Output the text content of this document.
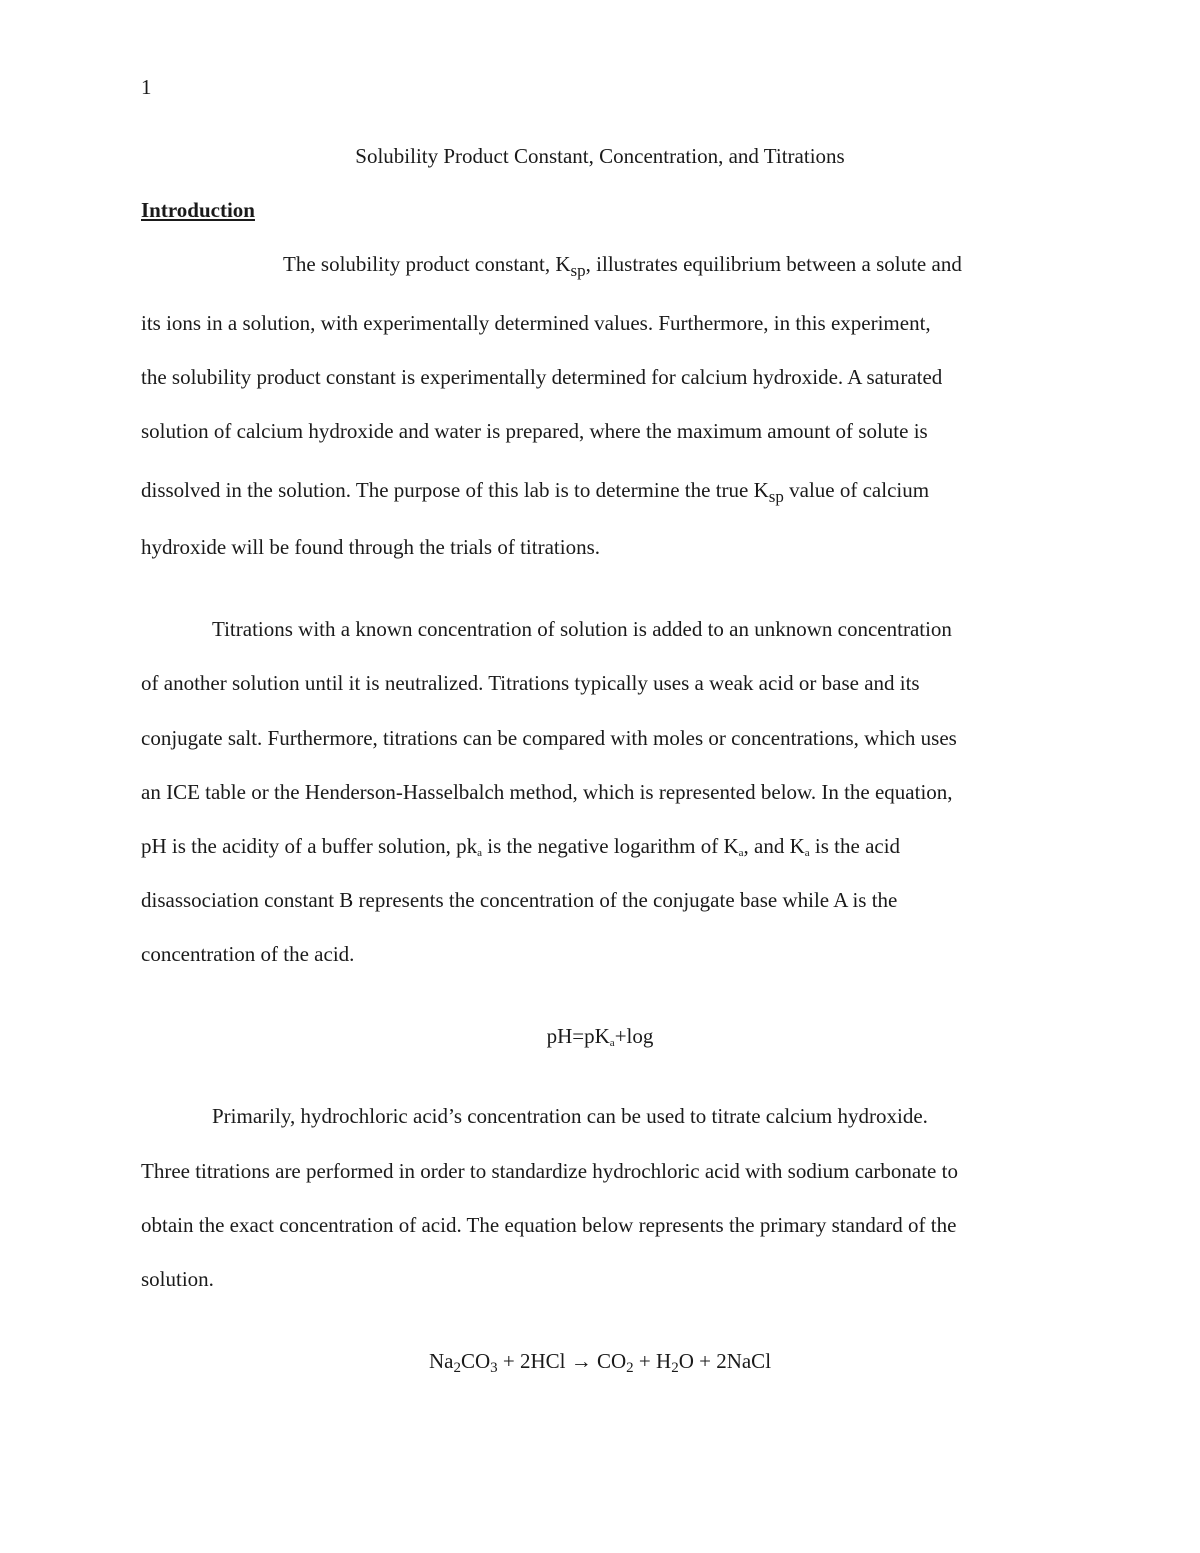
1
Solubility Product Constant, Concentration, and Titrations
Introduction
The solubility product constant, $K_{sp}$, illustrates equilibrium between a solute and
its ions in a solution, with experimentally determined values. Furthermore, in this experiment,
the solubility product constant is experimentally determined for calcium hydroxide. A saturated
solution of calcium hydroxide and water is prepared, where the maximum amount of solute is
dissolved in the solution. The purpose of this lab is to determine the true $K_{sp}$ value of calcium
hydroxide will be found through the trials of titrations.
Titrations with a known concentration of solution is added to an unknown concentration
of another solution until it is neutralized. Titrations typically uses a weak acid or base and its
conjugate salt. Furthermore, titrations can be compared with moles or concentrations, which uses
an ICE table or the Henderson-Hasselbalch method, which is represented below. In the equation,
pH is the acidity of a buffer solution, $pk_a$ is the negative logarithm of $K_a$, and $K_a$ is the acid
disassociation constant B represents the concentration of the conjugate base while A is the
concentration of the acid.
$pH=pK_a+\log$
Primarily, hydrochloric acid’s concentration can be used to titrate calcium hydroxide.
Three titrations are performed in order to standardize hydrochloric acid with sodium carbonate to
obtain the exact concentration of acid. The equation below represents the primary standard of the
solution.
$Na_2CO_3 + 2HCl \to CO_2 + H_2O$ + 2NaCl
